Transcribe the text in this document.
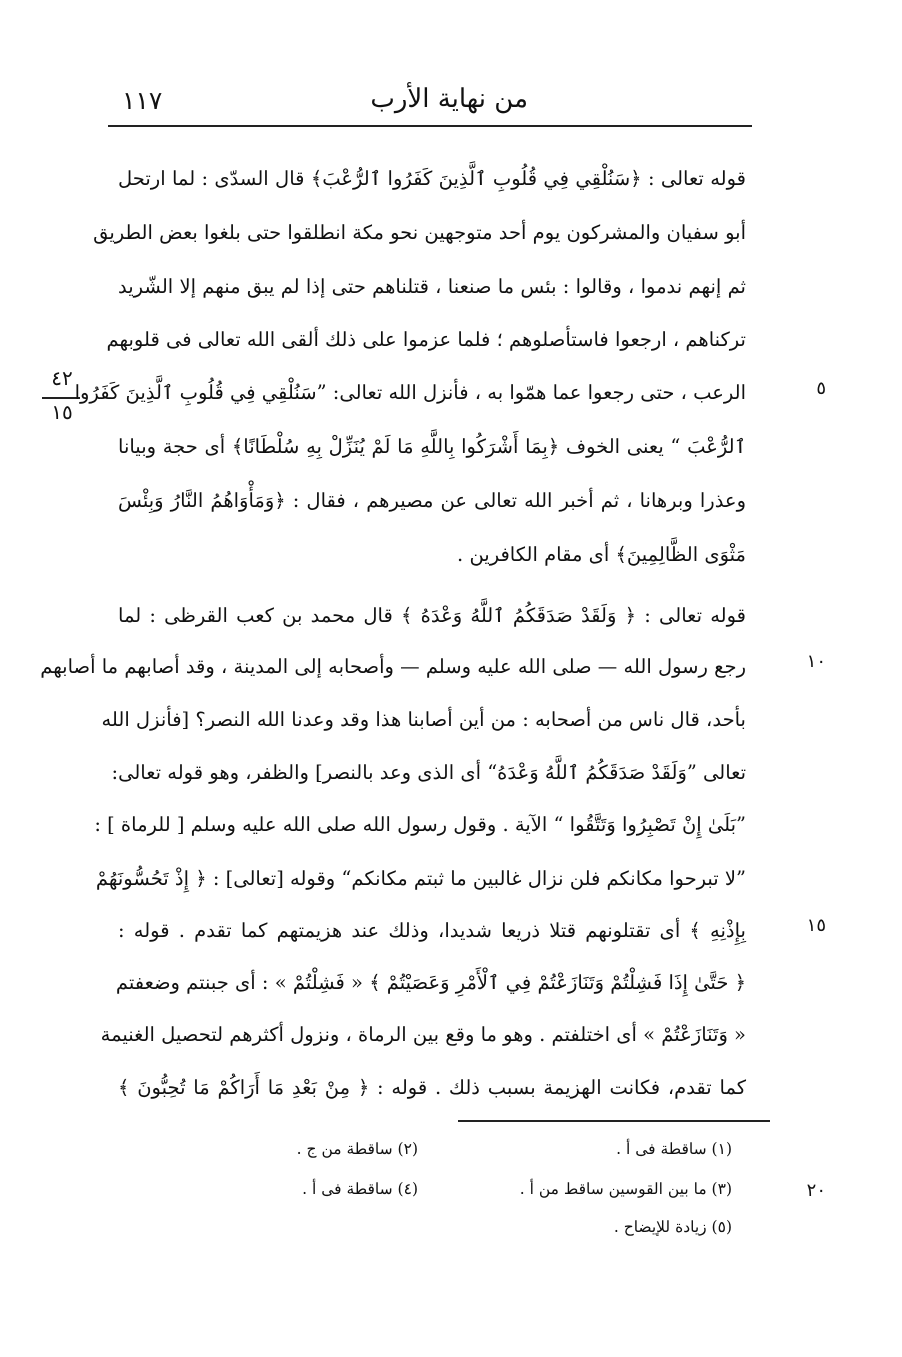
١١٧	من نهاية الأرب
٤٢
١٥
٥
١٠
١٥
٢٠
قوله تعالى : ﴿سَنُلْقِي فِي قُلُوبِ ٱلَّذِينَ كَفَرُوا ٱلرُّعْبَ﴾ قال السدّى : لما ارتحل
أبو سفيان والمشركون يوم أحد متوجهين نحو مكة انطلقوا حتى بلغوا بعض الطريق
ثم إنهم ندموا ، وقالوا : بئس ما صنعنا ، قتلناهم حتى إذا لم يبق منهم إلا الشّريد
تركناهم ، ارجعوا فاستأصلوهم ؛ فلما عزموا على ذلك ألقى الله تعالى فى قلوبهم
الرعب ، حتى رجعوا عما همّوا به ، فأنزل الله تعالى: ”سَنُلْقِي فِي قُلُوبِ ٱلَّذِينَ كَفَرُوا
ٱلرُّعْبَ “ يعنى الخوف ﴿بِمَا أَشْرَكُوا بِاللَّهِ مَا لَمْ يُنَزِّلْ بِهِ سُلْطَانًا﴾ أى حجة وبيانا
وعذرا وبرهانا ، ثم أخبر الله تعالى عن مصيرهم ، فقال : ﴿وَمَأْوَاهُمُ النَّارُ وَبِئْسَ
مَثْوَى الظَّالِمِينَ﴾ أى مقام الكافرين .
قوله تعالى : ﴿ وَلَقَدْ صَدَقَكُمُ ٱللَّهُ وَعْدَهُ ﴾ قال محمد بن كعب القرظى : لما
رجع رسول الله — صلى الله عليه وسلم — وأصحابه إلى المدينة ، وقد أصابهم ما أصابهم
بأحد، قال ناس من أصحابه : من أين أصابنا هذا وقد وعدنا الله النصر؟ [فأنزل الله
تعالى ”وَلَقَدْ صَدَقَكُمُ ٱللَّهُ وَعْدَهُ“ أى الذى وعد بالنصر] والظفر، وهو قوله تعالى:
”بَلَىٰ إِنْ تَصْبِرُوا وَتَتَّقُوا “ الآية . وقول رسول الله صلى الله عليه وسلم [ للرماة ] :
”لا تبرحوا مكانكم فلن نزال غالبين ما ثبتم مكانكم“ وقوله [تعالى] : ﴿ إِذْ تَحُسُّونَهُمْ
بِإِذْنِهِ ﴾ أى تقتلونهم قتلا ذريعا شديدا، وذلك عند هزيمتهم كما تقدم . قوله :
﴿ حَتَّىٰ إِذَا فَشِلْتُمْ وَتَنَازَعْتُمْ فِي ٱلْأَمْرِ وَعَصَيْتُمْ ﴾ « فَشِلْتُمْ » : أى جبنتم وضعفتم
« وَتَنَازَعْتُمْ » أى اختلفتم . وهو ما وقع بين الرماة ، ونزول أكثرهم لتحصيل الغنيمة
كما تقدم، فكانت الهزيمة بسبب ذلك . قوله : ﴿ مِنْ بَعْدِ مَا أَرَاكُمْ مَا تُحِبُّونَ ﴾
(١) ساقطة فى أ .
(٢) ساقطة من ج .
(٣) ما بين القوسين ساقط من أ .
(٤) ساقطة فى أ .
(٥) زيادة للإيضاح .
